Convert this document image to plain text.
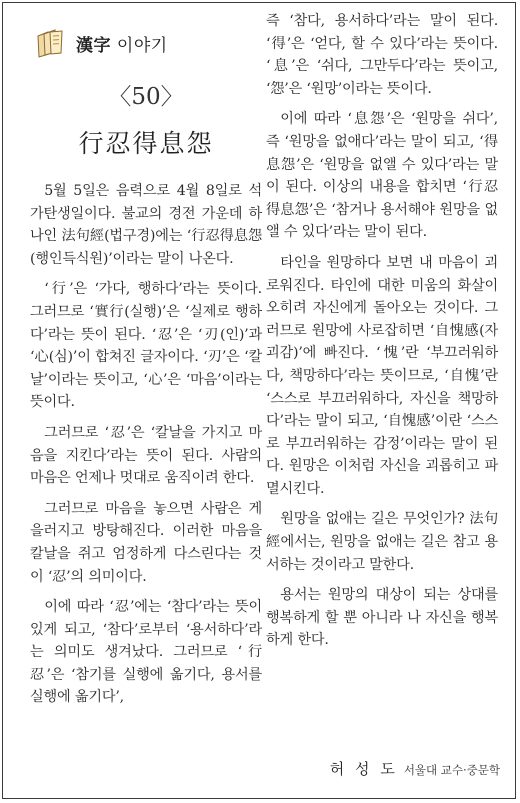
漢字 이야기
〈50〉
行忍得息怨

5월 5일은 음력으로 4월 8일로 석가탄생일이다. 불교의 경전 가운데 하나인 法句經(법구경)에는 ‘行忍得息怨(행인득식원)’이라는 말이 나온다.

‘行’은 ‘가다, 행하다’라는 뜻이다. 그러므로 ‘實行(실행)’은 ‘실제로 행하다’라는 뜻이 된다. ‘忍’은 ‘刃(인)’과 ‘心(심)’이 합쳐진 글자이다. ‘刃’은 ‘칼날’이라는 뜻이고, ‘心’은 ‘마음’이라는 뜻이다.

그러므로 ‘忍’은 ‘칼날을 가지고 마음을 지킨다’라는 뜻이 된다. 사람의 마음은 언제나 멋대로 움직이려 한다.

그러므로 마음을 놓으면 사람은 게을러지고 방탕해진다. 이러한 마음을 칼날을 쥐고 엄정하게 다스린다는 것이 ‘忍’의 의미이다.

이에 따라 ‘忍’에는 ‘참다’라는 뜻이 있게 되고, ‘참다’로부터 ‘용서하다’라는 의미도 생겨났다. 그러므로 ‘行忍’은 ‘참기를 실행에 옮기다, 용서를 실행에 옮기다’,

즉 ‘참다, 용서하다’라는 말이 된다. ‘得’은 ‘얻다, 할 수 있다’라는 뜻이다. ‘息’은 ‘쉬다, 그만두다’라는 뜻이고, ‘怨’은 ‘원망’이라는 뜻이다.

이에 따라 ‘息怨’은 ‘원망을 쉬다’, 즉 ‘원망을 없애다’라는 말이 되고, ‘得息怨’은 ‘원망을 없앨 수 있다’라는 말이 된다. 이상의 내용을 합치면 ‘行忍得息怨’은 ‘참거나 용서해야 원망을 없앨 수 있다’라는 말이 된다.

타인을 원망하다 보면 내 마음이 괴로워진다. 타인에 대한 미움의 화살이 오히려 자신에게 돌아오는 것이다. 그러므로 원망에 사로잡히면 ‘自愧感(자괴감)’에 빠진다. ‘愧’란 ‘부끄러워하다, 책망하다’라는 뜻이므로, ‘自愧’란 ‘스스로 부끄러워하다, 자신을 책망하다’라는 말이 되고, ‘自愧感’이란 ‘스스로 부끄러워하는 감정’이라는 말이 된다. 원망은 이처럼 자신을 괴롭히고 파멸시킨다.

원망을 없애는 길은 무엇인가? 法句經에서는, 원망을 없애는 길은 참고 용서하는 것이라고 말한다.

용서는 원망의 대상이 되는 상대를 행복하게 할 뿐 아니라 나 자신을 행복하게 한다.

허 성 도 서울대 교수·중문학
